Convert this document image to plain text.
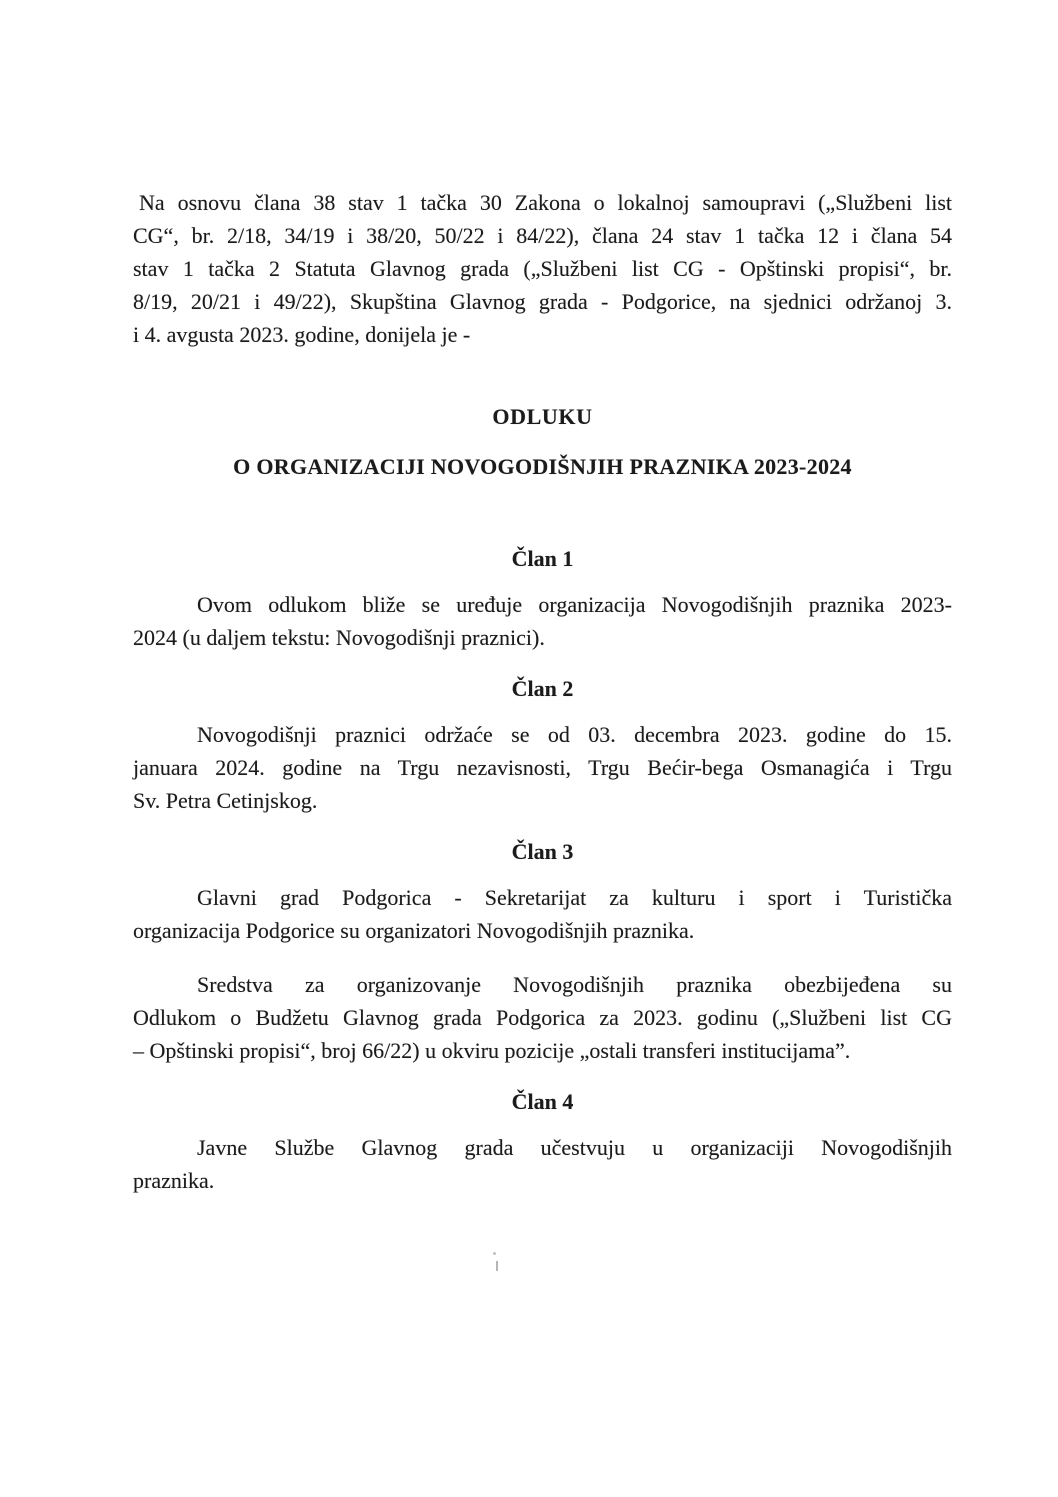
Na osnovu člana 38 stav 1 tačka 30 Zakona o lokalnoj samoupravi („Službeni list
CG“, br. 2/18, 34/19 i 38/20, 50/22 i 84/22), člana 24 stav 1 tačka 12 i člana 54
stav 1 tačka 2 Statuta Glavnog grada („Službeni list CG - Opštinski propisi“, br.
8/19, 20/21 i 49/22), Skupština Glavnog grada - Podgorice, na sjednici održanoj 3.
i 4. avgusta 2023. godine, donijela je -
ODLUKU
O ORGANIZACIJI NOVOGODIŠNJIH PRAZNIKA 2023-2024
Član 1
Ovom odlukom bliže se uređuje organizacija Novogodišnjih praznika 2023-
2024 (u daljem tekstu: Novogodišnji praznici).
Član 2
Novogodišnji praznici održaće se od 03. decembra 2023. godine do 15.
januara 2024. godine na Trgu nezavisnosti, Trgu Bećir-bega Osmanagića i Trgu
Sv. Petra Cetinjskog.
Član 3
Glavni grad Podgorica - Sekretarijat za kulturu i sport i Turistička
organizacija Podgorice su organizatori Novogodišnjih praznika.
Sredstva za organizovanje Novogodišnjih praznika obezbijeđena su
Odlukom o Budžetu Glavnog grada Podgorica za 2023. godinu („Službeni list CG
– Opštinski propisi“, broj 66/22) u okviru pozicije „ostali transferi institucijama”.
Član 4
Javne Službe Glavnog grada učestvuju u organizaciji Novogodišnjih
praznika.
